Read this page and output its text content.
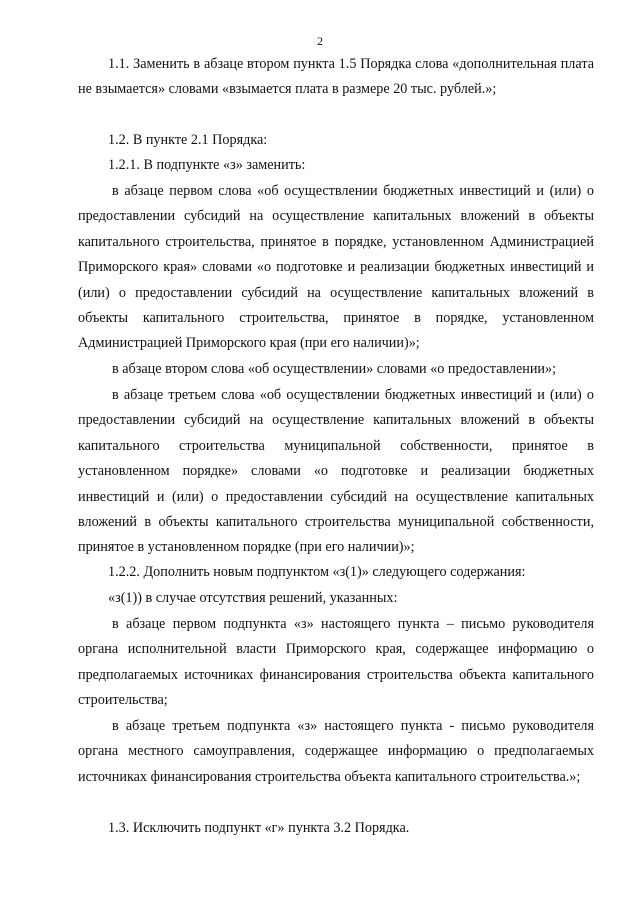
2

1.1. Заменить в абзаце втором пункта 1.5 Порядка слова «дополнительная плата не взымается» словами «взымается плата в размере 20 тыс. рублей.»;

1.2. В пункте 2.1 Порядка:

1.2.1. В подпункте «з» заменить:

в абзаце первом слова «об осуществлении бюджетных инвестиций и (или) о предоставлении субсидий на осуществление капитальных вложений в объекты капитального строительства, принятое в порядке, установленном Администрацией Приморского края» словами «о подготовке и реализации бюджетных инвестиций и (или) о предоставлении субсидий на осуществление капитальных вложений в объекты капитального строительства, принятое в порядке, установленном Администрацией Приморского края (при его наличии)»;

в абзаце втором слова «об осуществлении» словами «о предоставлении»;

в абзаце третьем слова «об осуществлении бюджетных инвестиций и (или) о предоставлении субсидий на осуществление капитальных вложений в объекты капитального строительства муниципальной собственности, принятое в установленном порядке» словами «о подготовке и реализации бюджетных инвестиций и (или) о предоставлении субсидий на осуществление капитальных вложений в объекты капитального строительства муниципальной собственности, принятое в установленном порядке (при его наличии)»;

1.2.2. Дополнить новым подпунктом «з(1)» следующего содержания:

«з(1)) в случае отсутствия решений, указанных:

в абзаце первом подпункта «з» настоящего пункта – письмо руководителя органа исполнительной власти Приморского края, содержащее информацию о предполагаемых источниках финансирования строительства объекта капитального строительства;

в абзаце третьем подпункта «з» настоящего пункта - письмо руководителя органа местного самоуправления, содержащее информацию о предполагаемых источниках финансирования строительства объекта капитального строительства.»;

1.3. Исключить подпункт «г» пункта 3.2 Порядка.
